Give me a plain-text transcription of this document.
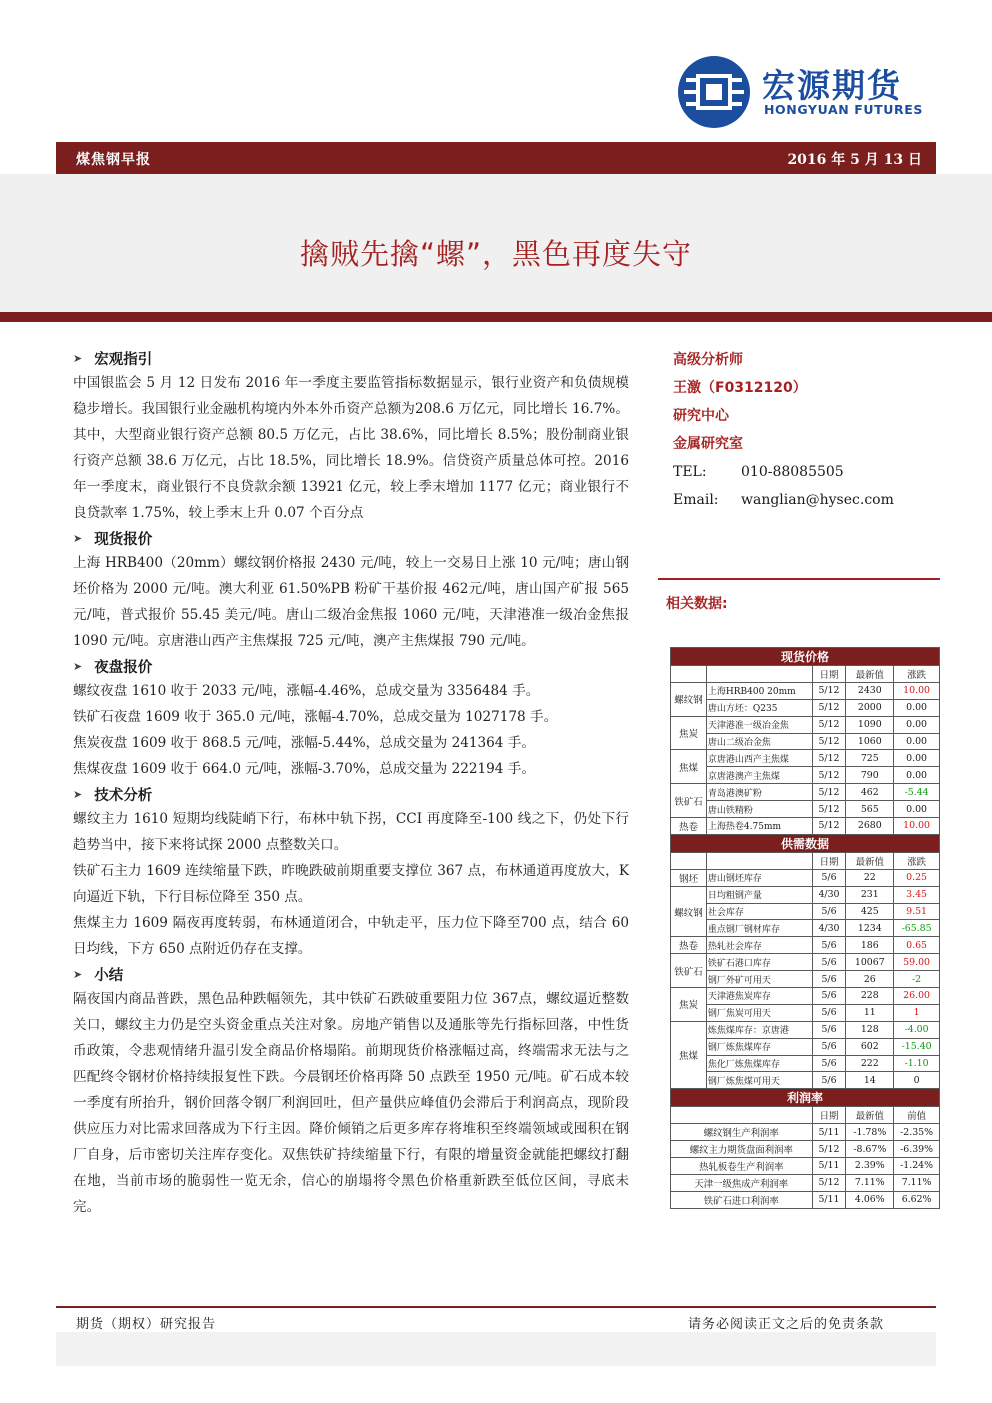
宏源期货
HONGYUAN FUTURES
煤焦钢早报	2016 年 5 月 13 日
擒贼先擒“螺”，黑色再度失守
➤ 宏观指引

中国银监会 5 月 12 日发布 2016 年一季度主要监管指标数据显示，银行业资产和负债规模稳步增长。我国银行业金融机构境内外本外币资产总额为208.6 万亿元，同比增长 16.7%。其中，大型商业银行资产总额 80.5 万亿元，占比 38.6%，同比增长 8.5%；股份制商业银行资产总额 38.6 万亿元，占比 18.5%，同比增长 18.9%。信贷资产质量总体可控。2016 年一季度末，商业银行不良贷款余额 13921 亿元，较上季末增加 1177 亿元；商业银行不良贷款率 1.75%，较上季末上升 0.07 个百分点

➤ 现货报价

上海 HRB400（20mm）螺纹钢价格报 2430 元/吨，较上一交易日上涨 10 元/吨；唐山钢坯价格为 2000 元/吨。澳大利亚 61.50%PB 粉矿干基价报 462元/吨，唐山国产矿报 565 元/吨，普式报价 55.45 美元/吨。唐山二级冶金焦报 1060 元/吨，天津港准一级冶金焦报 1090 元/吨。京唐港山西产主焦煤报 725 元/吨，澳产主焦煤报 790 元/吨。

➤ 夜盘报价

螺纹夜盘 1610 收于 2033 元/吨，涨幅-4.46%，总成交量为 3356484 手。

铁矿石夜盘 1609 收于 365.0 元/吨，涨幅-4.70%，总成交量为 1027178 手。

焦炭夜盘 1609 收于 868.5 元/吨，涨幅-5.44%，总成交量为 241364 手。

焦煤夜盘 1609 收于 664.0 元/吨，涨幅-3.70%，总成交量为 222194 手。

➤ 技术分析

螺纹主力 1610 短期均线陡峭下行，布林中轨下拐，CCI 再度降至-100 线之下，仍处下行趋势当中，接下来将试探 2000 点整数关口。

铁矿石主力 1609 连续缩量下跌，昨晚跌破前期重要支撑位 367 点，布林通道再度放大，K 向逼近下轨，下行目标位降至 350 点。

焦煤主力 1609 隔夜再度转弱，布林通道闭合，中轨走平，压力位下降至700 点，结合 60 日均线，下方 650 点附近仍存在支撑。

➤ 小结

隔夜国内商品普跌，黑色品种跌幅领先，其中铁矿石跌破重要阻力位 367点，螺纹逼近整数关口，螺纹主力仍是空头资金重点关注对象。房地产销售以及通胀等先行指标回落，中性货币政策，令悲观情绪升温引发全商品价格塌陷。前期现货价格涨幅过高，终端需求无法与之匹配终令钢材价格持续报复性下跌。今晨钢坯价格再降 50 点跌至 1950 元/吨。矿石成本较一季度有所抬升，钢价回落令钢厂利润回吐，但产量供应峰值仍会滞后于利润高点，现阶段供应压力对比需求回落成为下行主因。降价倾销之后更多库存将堆积至终端领域或囤积在钢厂自身，后市密切关注库存变化。双焦铁矿持续缩量下行，有限的增量资金就能把螺纹打翻在地，当前市场的脆弱性一览无余，信心的崩塌将令黑色价格重新跌至低位区间，寻底未完。

高级分析师
王激（F0312120）
研究中心
金属研究室
TEL:	010-88085505
Email:	wanglian@hysec.com
相关数据:
现货价格				
		日期	最新值	涨跌
螺纹钢	上海HRB400 20mm	5/12	2430	10.00
	唐山方坯：Q235	5/12	2000	0.00
焦炭	天津港准一级冶金焦	5/12	1090	0.00
	唐山二级冶金焦	5/12	1060	0.00
焦煤	京唐港山西产主焦煤	5/12	725	0.00
	京唐港澳产主焦煤	5/12	790	0.00
铁矿石	青岛港澳矿粉	5/12	462	-5.44
	唐山铁精粉	5/12	565	0.00
热卷	上海热卷4.75mm	5/12	2680	10.00
供需数据				
		日期	最新值	涨跌
钢坯	唐山钢坯库存	5/6	22	0.25
螺纹钢	日均粗钢产量	4/30	231	3.45
	社会库存	5/6	425	9.51
	重点钢厂钢材库存	4/30	1234	-65.85
热卷	热轧社会库存	5/6	186	0.65
铁矿石	铁矿石港口库存	5/6	10067	59.00
	钢厂外矿可用天	5/6	26	-2
焦炭	天津港焦炭库存	5/6	228	26.00
	钢厂焦炭可用天	5/6	11	1
焦煤	炼焦煤库存：京唐港	5/6	128	-4.00
	钢厂炼焦煤库存	5/6	602	-15.40
	焦化厂炼焦煤库存	5/6	222	-1.10
	钢厂炼焦煤可用天	5/6	14	0
利润率				
		日期	最新值	前值
螺纹钢生产利润率		5/11	-1.78%	-2.35%
螺纹主力期货盘面利润率		5/12	-8.67%	-6.39%
热轧板卷生产利润率		5/11	2.39%	-1.24%
天津一级焦成产利润率		5/12	7.11%	7.11%
铁矿石进口利润率		5/11	4.06%	6.62%
期货（期权）研究报告	请务必阅读正文之后的免责条款
